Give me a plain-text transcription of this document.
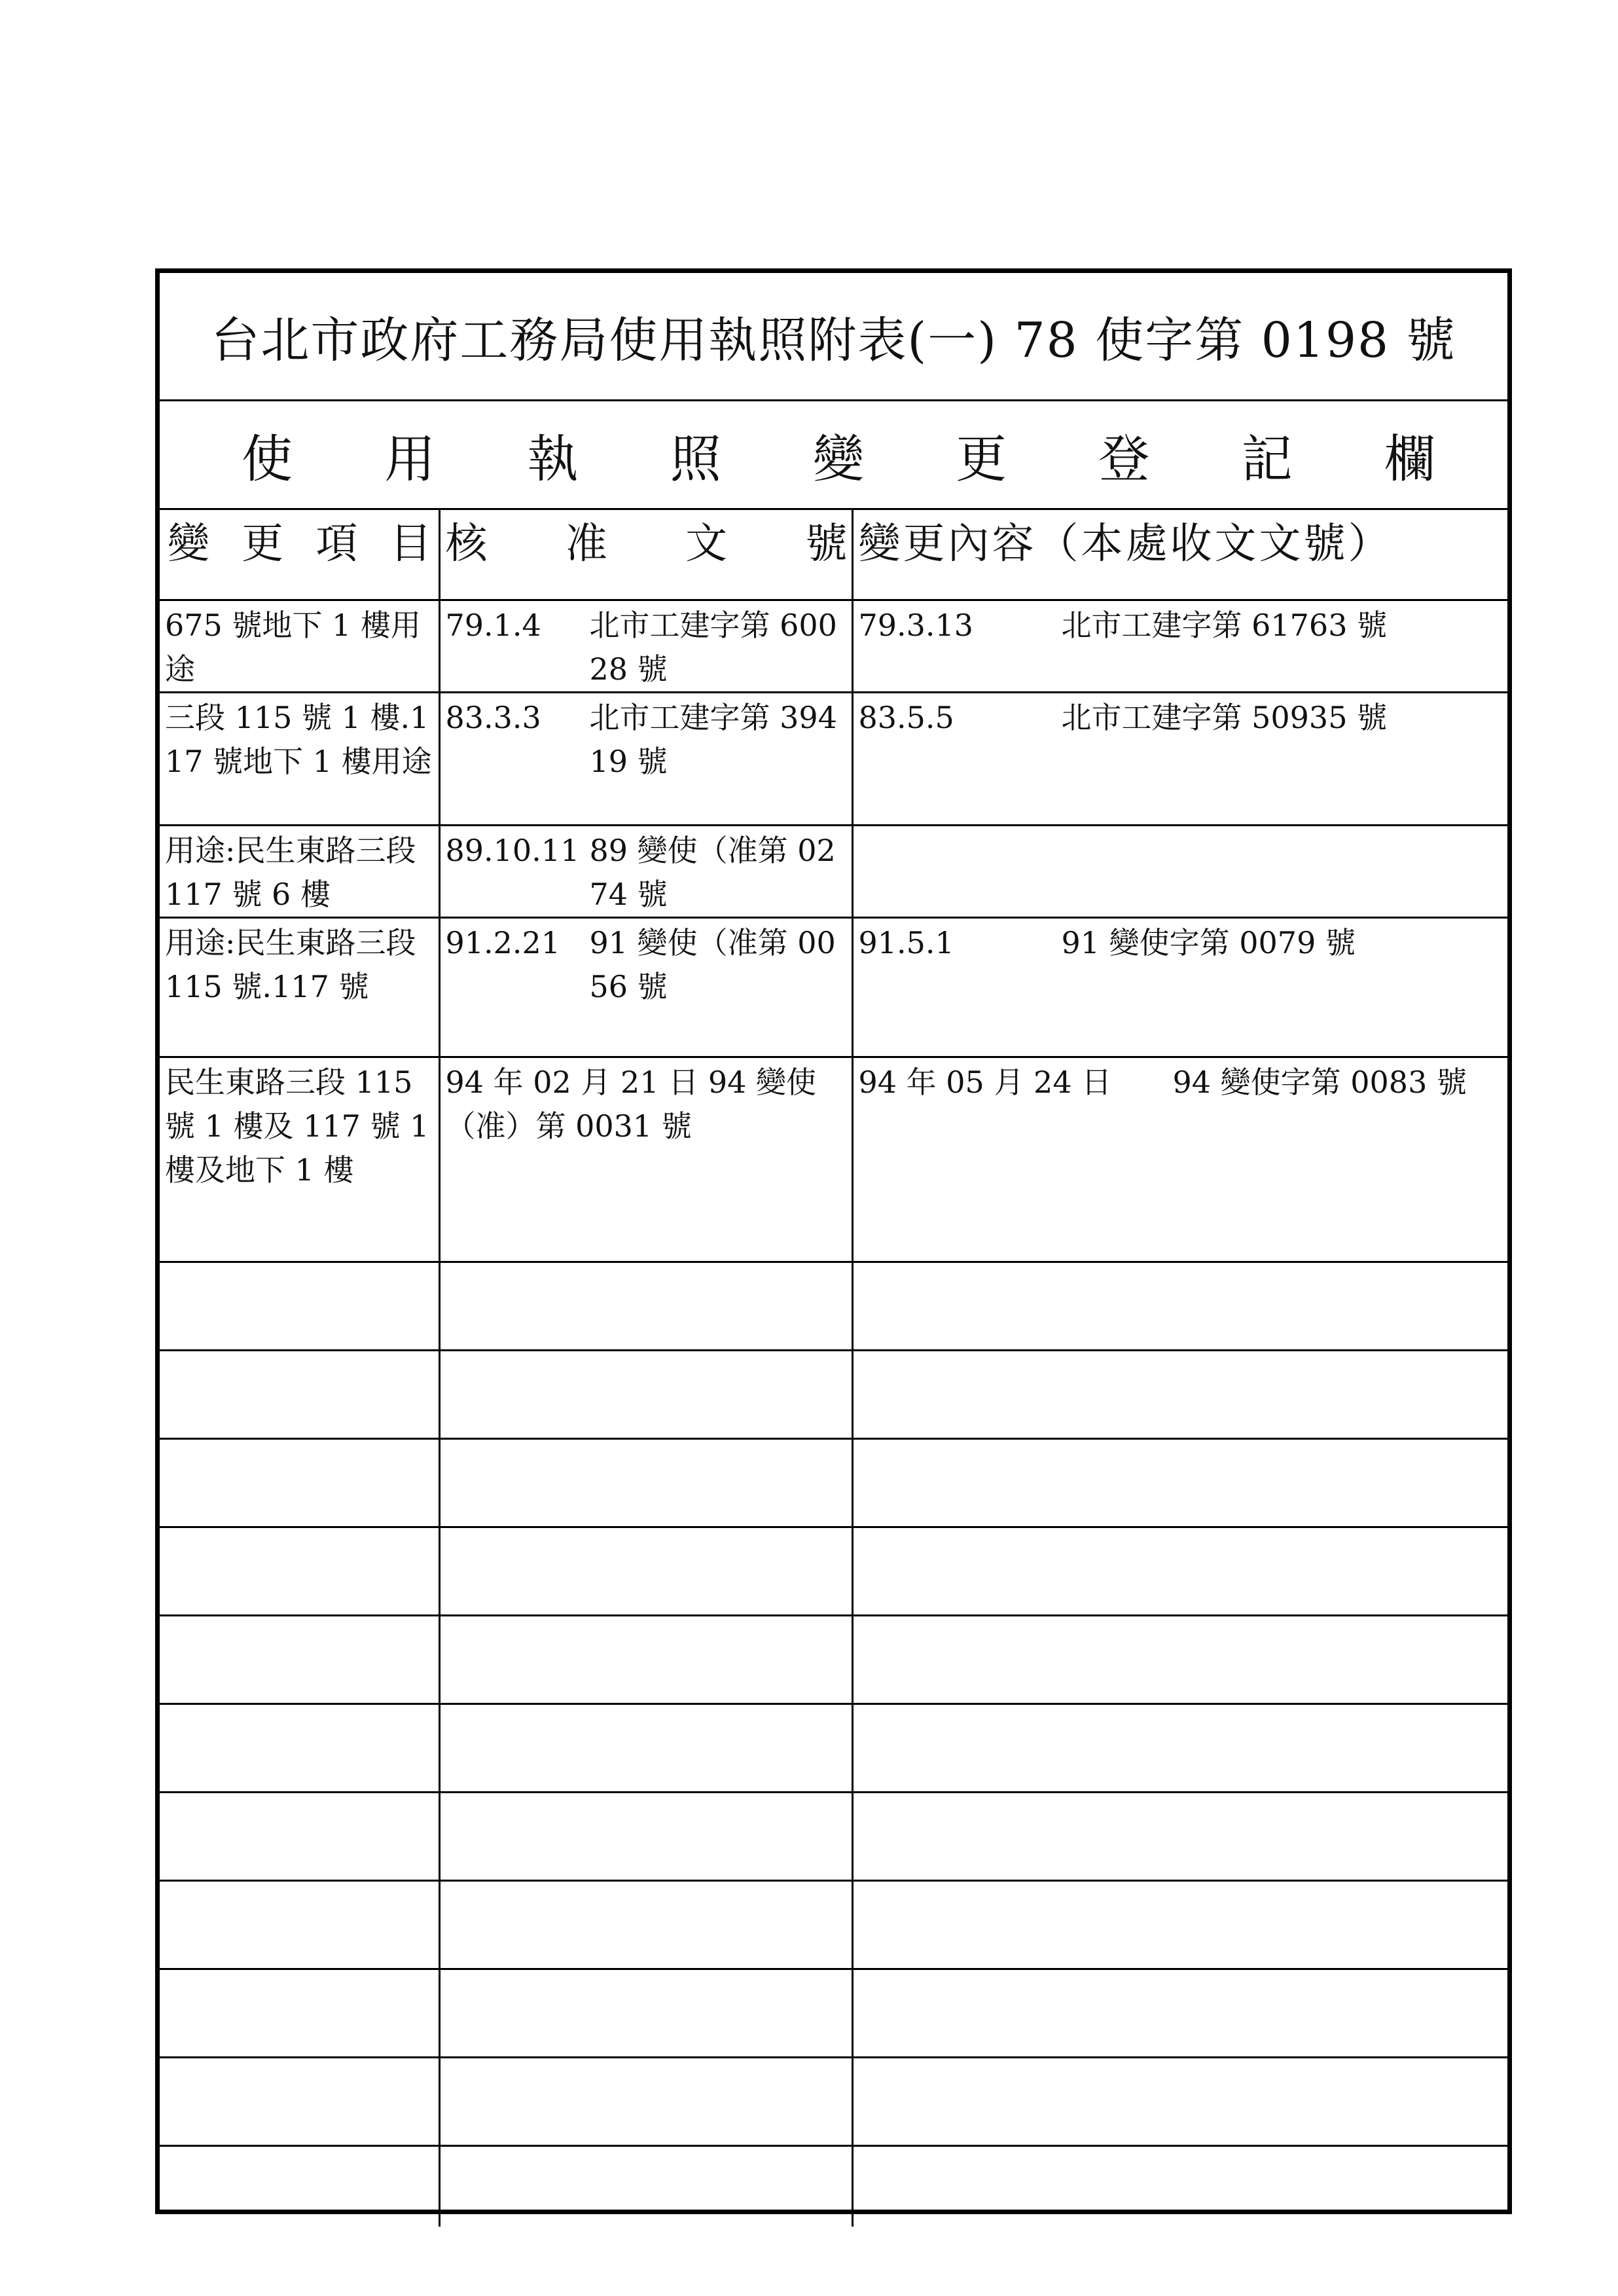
台北市政府工務局使用執照附表(一) 78 使字第 0198 號
使 用 執 照 變 更 登 記 欄
變 更 項 目	核 准 文 號	變更內容（本處收文文號）

675 號地下 1 樓用途	79.1.4 北市工建字第 60028 號	79.3.13 北市工建字第 61763 號

三段 115 號 1 樓.117 號地下 1 樓用途	83.3.3 北市工建字第 39419 號	83.5.5 北市工建字第 50935 號

用途:民生東路三段 117 號 6 樓	89.10.11 89 變使（准第 0274 號	

用途:民生東路三段 115 號.117 號	91.2.21 91 變使（准第 0056 號	91.5.1 91 變使字第 0079 號

民生東路三段 115 號 1 樓及 117 號 1 樓及地下 1 樓	94 年 02 月 21 日 94 變使（准）第 0031 號	94 年 05 月 24 日 94 變使字第 0083 號
